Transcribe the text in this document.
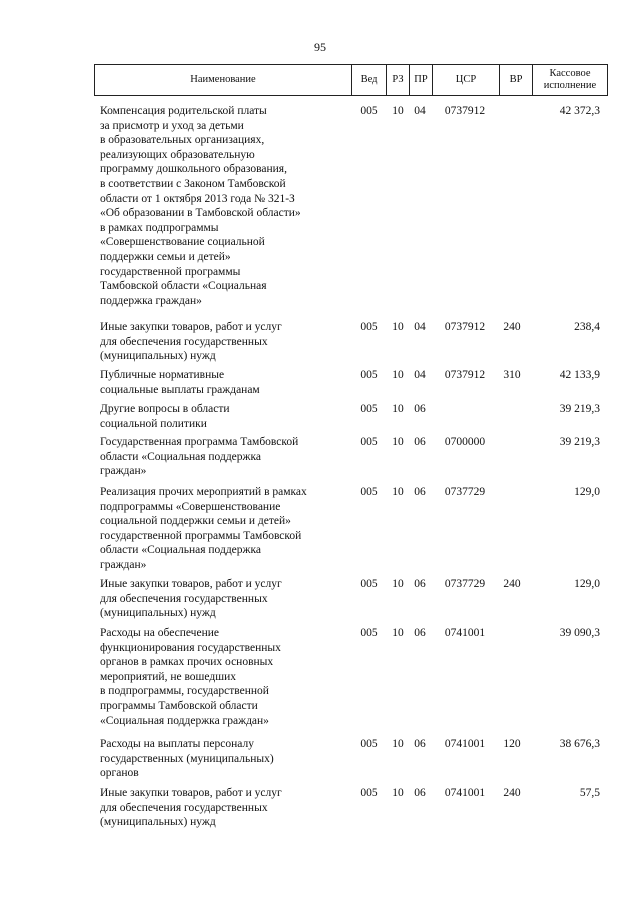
95
Наименование	Вед	РЗ	ПР	ЦСР	ВР	Кассовое
исполнение
Компенсация родительской платы
за присмотр и уход за детьми
в образовательных организациях,
реализующих образовательную
программу дошкольного образования,
в соответствии с Законом Тамбовской
области от 1 октября 2013 года № 321-З
«Об образовании в Тамбовской области»
в рамках подпрограммы
«Совершенствование социальной
поддержки семьи и детей»
государственной программы
Тамбовской области «Социальная
поддержка граждан»
005	10 04	0737912	42 372,3
Иные закупки товаров, работ и услуг
для обеспечения государственных
(муниципальных) нужд
005	10 04	0737912	240	238,4
Публичные нормативные
социальные выплаты гражданам
005	10 04	0737912	310	42 133,9
Другие вопросы в области
социальной политики
005	10 06	39 219,3
Государственная программа Тамбовской
области «Социальная поддержка
граждан»
005	10 06	0700000	39 219,3
Реализация прочих мероприятий в рамках
подпрограммы «Совершенствование
социальной поддержки семьи и детей»
государственной программы Тамбовской
области «Социальная поддержка
граждан»
005	10 06	0737729	129,0
Иные закупки товаров, работ и услуг
для обеспечения государственных
(муниципальных) нужд
005	10 06	0737729	240	129,0
Расходы на обеспечение
функционирования государственных
органов в рамках прочих основных
мероприятий, не вошедших
в подпрограммы, государственной
программы Тамбовской области
«Социальная поддержка граждан»
005	10 06	0741001	39 090,3
Расходы на выплаты персоналу
государственных (муниципальных)
органов
005	10 06	0741001	120	38 676,3
Иные закупки товаров, работ и услуг
для обеспечения государственных
(муниципальных) нужд
005	10 06	0741001	240	57,5
